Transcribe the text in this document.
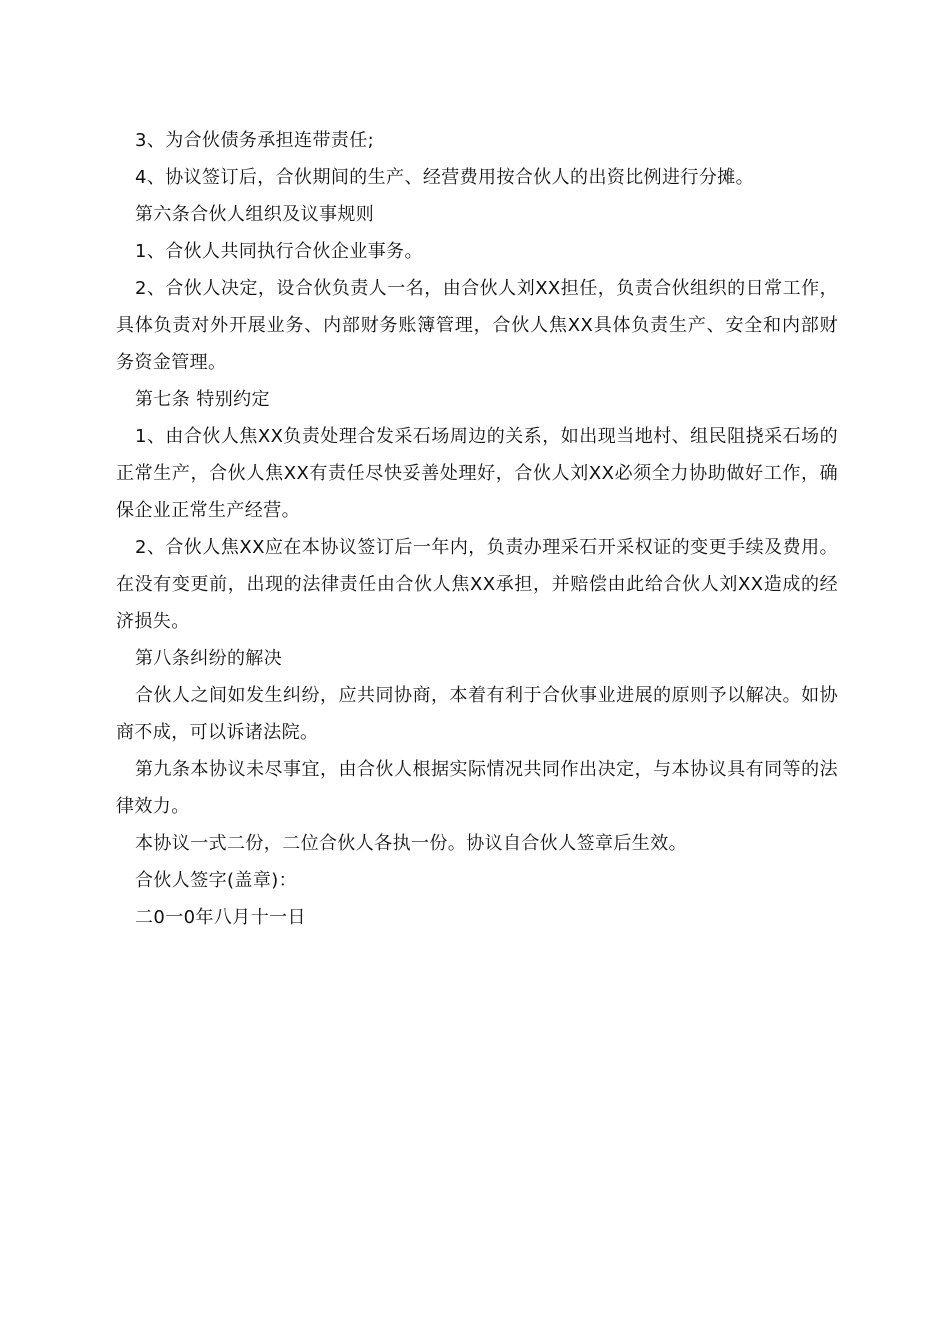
3、为合伙债务承担连带责任;

4、协议签订后，合伙期间的生产、经营费用按合伙人的出资比例进行分摊。

第六条合伙人组织及议事规则

1、合伙人共同执行合伙企业事务。

2、合伙人决定，设合伙负责人一名，由合伙人刘XX担任，负责合伙组织的日常工作，具体负责对外开展业务、内部财务账簿管理，合伙人焦XX具体负责生产、安全和内部财务资金管理。

第七条 特别约定

1、由合伙人焦XX负责处理合发采石场周边的关系，如出现当地村、组民阻挠采石场的正常生产，合伙人焦XX有责任尽快妥善处理好，合伙人刘XX必须全力协助做好工作，确保企业正常生产经营。

2、合伙人焦XX应在本协议签订后一年内，负责办理采石开采权证的变更手续及费用。在没有变更前，出现的法律责任由合伙人焦XX承担，并赔偿由此给合伙人刘XX造成的经济损失。

第八条纠纷的解决

合伙人之间如发生纠纷，应共同协商，本着有利于合伙事业进展的原则予以解决。如协商不成，可以诉诸法院。

第九条本协议未尽事宜，由合伙人根据实际情况共同作出决定，与本协议具有同等的法律效力。

本协议一式二份，二位合伙人各执一份。协议自合伙人签章后生效。

合伙人签字(盖章)：

二0一0年八月十一日
